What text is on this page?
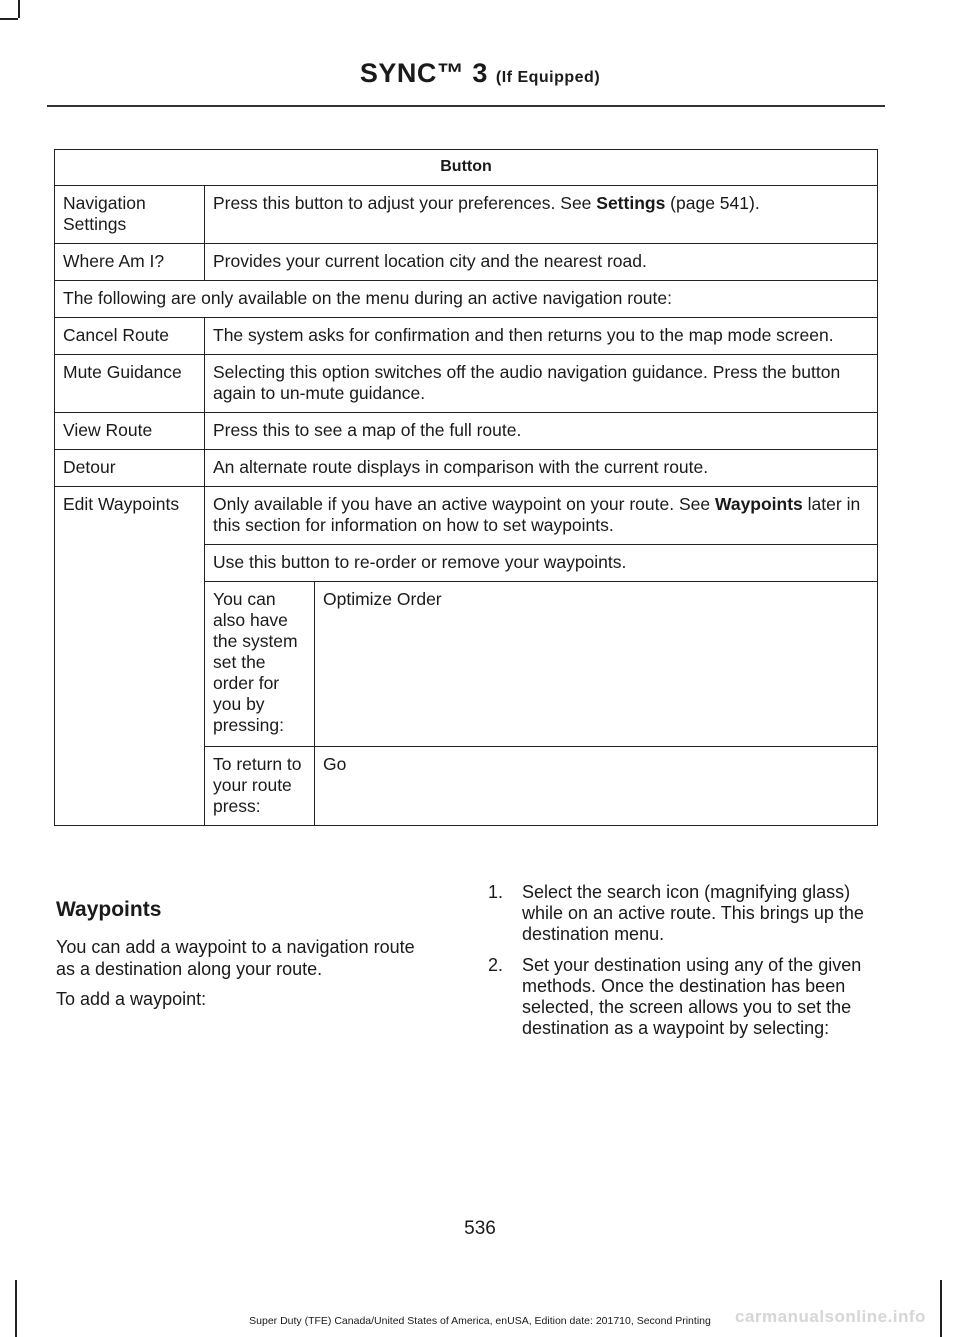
SYNC™ 3 (If Equipped)
Button		
Navigation Settings	Press this button to adjust your preferences. See Settings (page 541).	
Where Am I?	Provides your current location city and the nearest road.	
The following are only available on the menu during an active navigation route:		
Cancel Route	The system asks for confirmation and then returns you to the map mode screen.	
Mute Guidance	Selecting this option switches off the audio navigation guidance. Press the button again to un-mute guidance.	
View Route	Press this to see a map of the full route.	
Detour	An alternate route displays in comparison with the current route.	
Edit Waypoints	Only available if you have an active waypoint on your route. See Waypoints later in this section for information on how to set waypoints.	
	Use this button to re-order or remove your waypoints.	
	You can also have the system set the order for you by pressing:	Optimize Order
	To return to your route press:	Go
Waypoints
You can add a waypoint to a navigation route as a destination along your route.
To add a waypoint:
1. Select the search icon (magnifying glass) while on an active route. This brings up the destination menu.
2. Set your destination using any of the given methods. Once the destination has been selected, the screen allows you to set the destination as a waypoint by selecting:
536
Super Duty (TFE) Canada/United States of America, enUSA, Edition date: 201710, Second Printing	carmanualsonline.info
